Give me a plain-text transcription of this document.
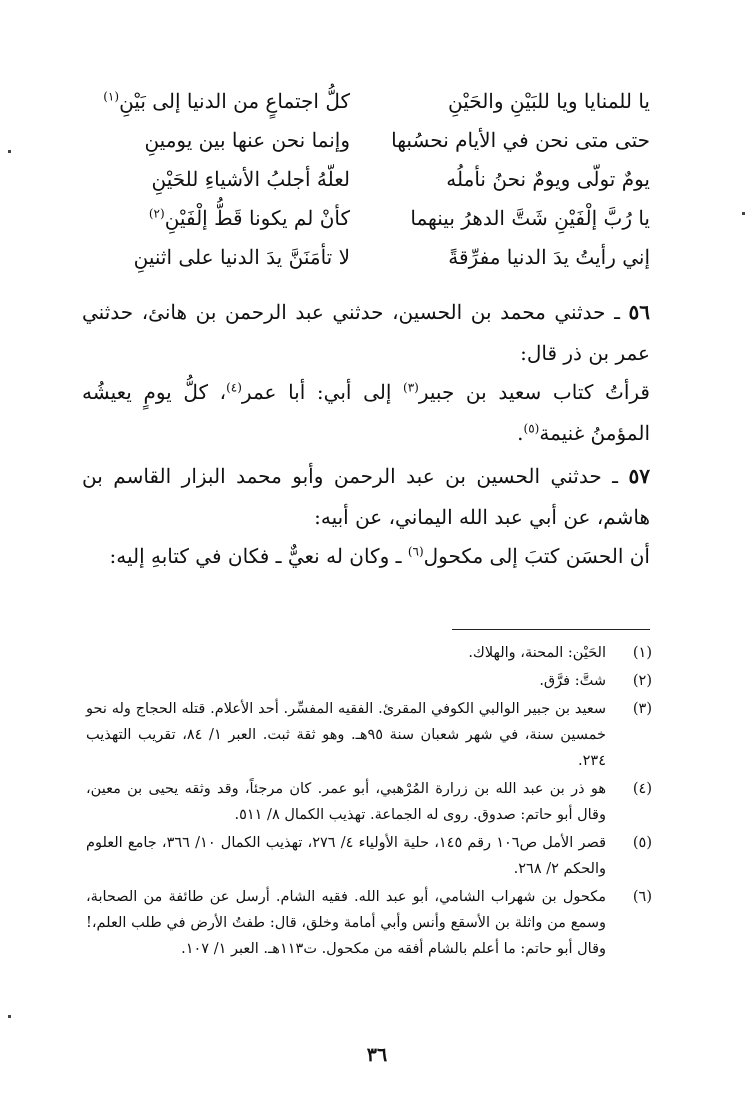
يا للمنايا ويا للبَيْنِ والحَيْنِ
كلُّ اجتماعٍ من الدنيا إلى بَيْنِ$^{(١)}$
حتى متى نحن في الأيام نحسُبها
وإنما نحن عنها بين يومينِ
يومٌ تولّى ويومٌ نحنُ نأملُه
لعلّهُ أجلبُ الأشياءِ للحَيْنِ
يا رُبَّ إلْفَيْنِ شَتَّ الدهرُ بينهما
كأنْ لم يكونا قَطُّ إلْفَيْنِ$^{(٢)}$
إني رأيتُ يدَ الدنيا مفرِّقةً
لا تأمَنَنَّ يدَ الدنيا على اثنينِ
٥٦ ـ حدثني محمد بن الحسين، حدثني عبد الرحمن بن هانئ، حدثني عمر بن ذر قال:
قرأتُ كتاب سعيد بن جبير$^{(٣)}$ إلى أبي: أبا عمر$^{(٤)}$، كلُّ يومٍ يعيشُه المؤمنُ غنيمة$^{(٥)}$.
٥٧ ـ حدثني الحسين بن عبد الرحمن وأبو محمد البزار القاسم بن هاشم، عن أبي عبد الله اليماني، عن أبيه:
أن الحسَن كتبَ إلى مكحول$^{(٦)}$ ـ وكان له نعيٌّ ـ فكان في كتابهِ إليه:
(١)
الحَيْن: المحنة، والهلاك.
(٢)
شتَّ: فرَّق.
(٣)
سعيد بن جبير الوالبي الكوفي المقرئ. الفقيه المفسِّر. أحد الأعلام. قتله الحجاج وله نحو خمسين سنة، في شهر شعبان سنة ٩٥هـ. وهو ثقة ثبت. العبر ١/ ٨٤، تقريب التهذيب ٢٣٤.
(٤)
هو ذر بن عبد الله بن زرارة المُرْهبي، أبو عمر. كان مرجئاً، وقد وثقه يحيى بن معين، وقال أبو حاتم: صدوق. روى له الجماعة. تهذيب الكمال ٨/ ٥١١.
(٥)
قصر الأمل ص١٠٦ رقم ١٤٥، حلية الأولياء ٤/ ٢٧٦، تهذيب الكمال ١٠/ ٣٦٦، جامع العلوم والحكم ٢/ ٢٦٨.
(٦)
مكحول بن شهراب الشامي، أبو عبد الله. فقيه الشام. أرسل عن طائفة من الصحابة، وسمع من واثلة بن الأسقع وأنس وأبي أمامة وخلق، قال: طفتُ الأرض في طلب العلم،! وقال أبو حاتم: ما أعلم بالشام أفقه من مكحول. ت١١٣هـ. العبر ١/ ١٠٧.
٣٦
